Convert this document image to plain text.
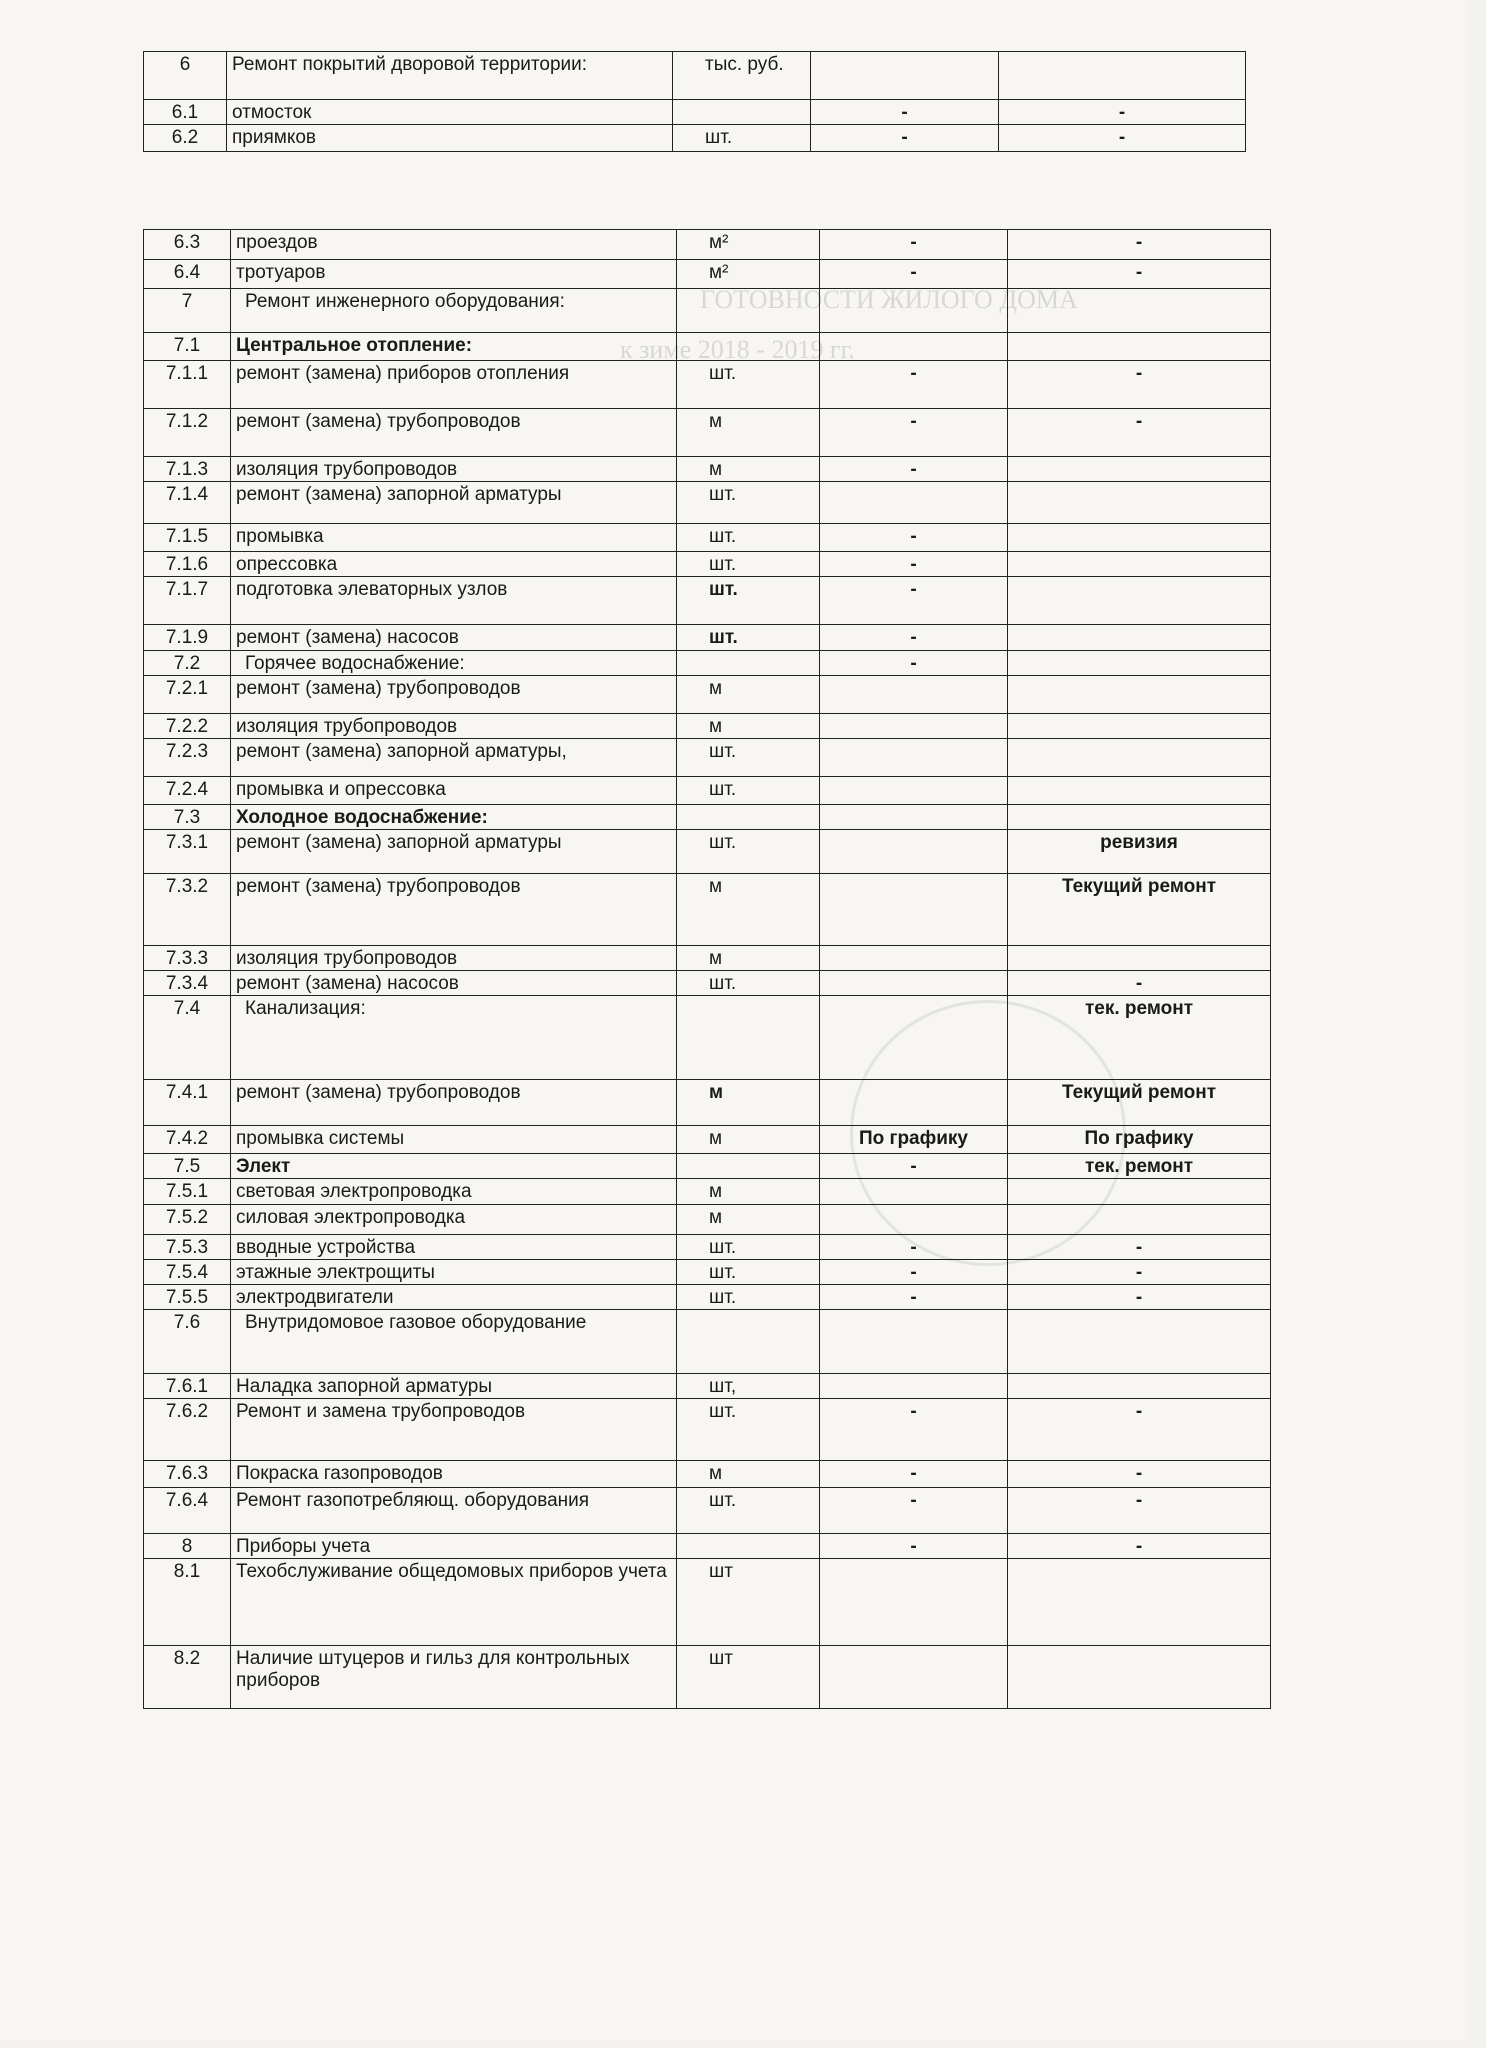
ГОТОВНОСТИ ЖИЛОГО ДОМА
к зиме 2018 - 2019 гг.
6	Ремонт покрытий дворовой территории:	тыс. руб.		
6.1	отмосток		-	-
6.2	приямков	шт.	-	-
6.3	проездов	м²	-	-
6.4	тротуаров	м²	-	-
7	Ремонт инженерного оборудования:			
7.1	Центральное отопление:			
7.1.1	ремонт (замена) приборов отопления	шт.	-	-
7.1.2	ремонт (замена) трубопроводов	м	-	-
7.1.3	изоляция трубопроводов	м	-	
7.1.4	ремонт (замена) запорной арматуры	шт.		
7.1.5	промывка	шт.	-	
7.1.6	опрессовка	шт.	-	
7.1.7	подготовка элеваторных узлов	шт.	-	
7.1.9	ремонт (замена) насосов	шт.	-	
7.2	Горячее водоснабжение:		-	
7.2.1	ремонт (замена) трубопроводов	м		
7.2.2	изоляция трубопроводов	м		
7.2.3	ремонт (замена) запорной арматуры,	шт.		
7.2.4	промывка и опрессовка	шт.		
7.3	Холодное водоснабжение:			
7.3.1	ремонт (замена) запорной арматуры	шт.		ревизия
7.3.2	ремонт (замена) трубопроводов	м		Текущий ремонт
7.3.3	изоляция трубопроводов	м		
7.3.4	ремонт (замена) насосов	шт.		-
7.4	Канализация:			тек. ремонт
7.4.1	ремонт (замена) трубопроводов	м		Текущий ремонт
7.4.2	промывка системы	м	По графику	По графику
7.5	Элект		-	тек. ремонт
7.5.1	световая электропроводка	м		
7.5.2	силовая электропроводка	м		
7.5.3	вводные устройства	шт.	-	-
7.5.4	этажные электрощиты	шт.	-	-
7.5.5	электродвигатели	шт.	-	-
7.6	Внутридомовое газовое оборудование			
7.6.1	Наладка запорной арматуры	шт,		
7.6.2	Ремонт и замена трубопроводов	шт.	-	-
7.6.3	Покраска газопроводов	м	-	-
7.6.4	Ремонт газопотребляющ. оборудования	шт.	-	-
8	Приборы учета		-	-
8.1	Техобслуживание общедомовых приборов учета	шт		
8.2	Наличие штуцеров и гильз для контрольных приборов	шт		
